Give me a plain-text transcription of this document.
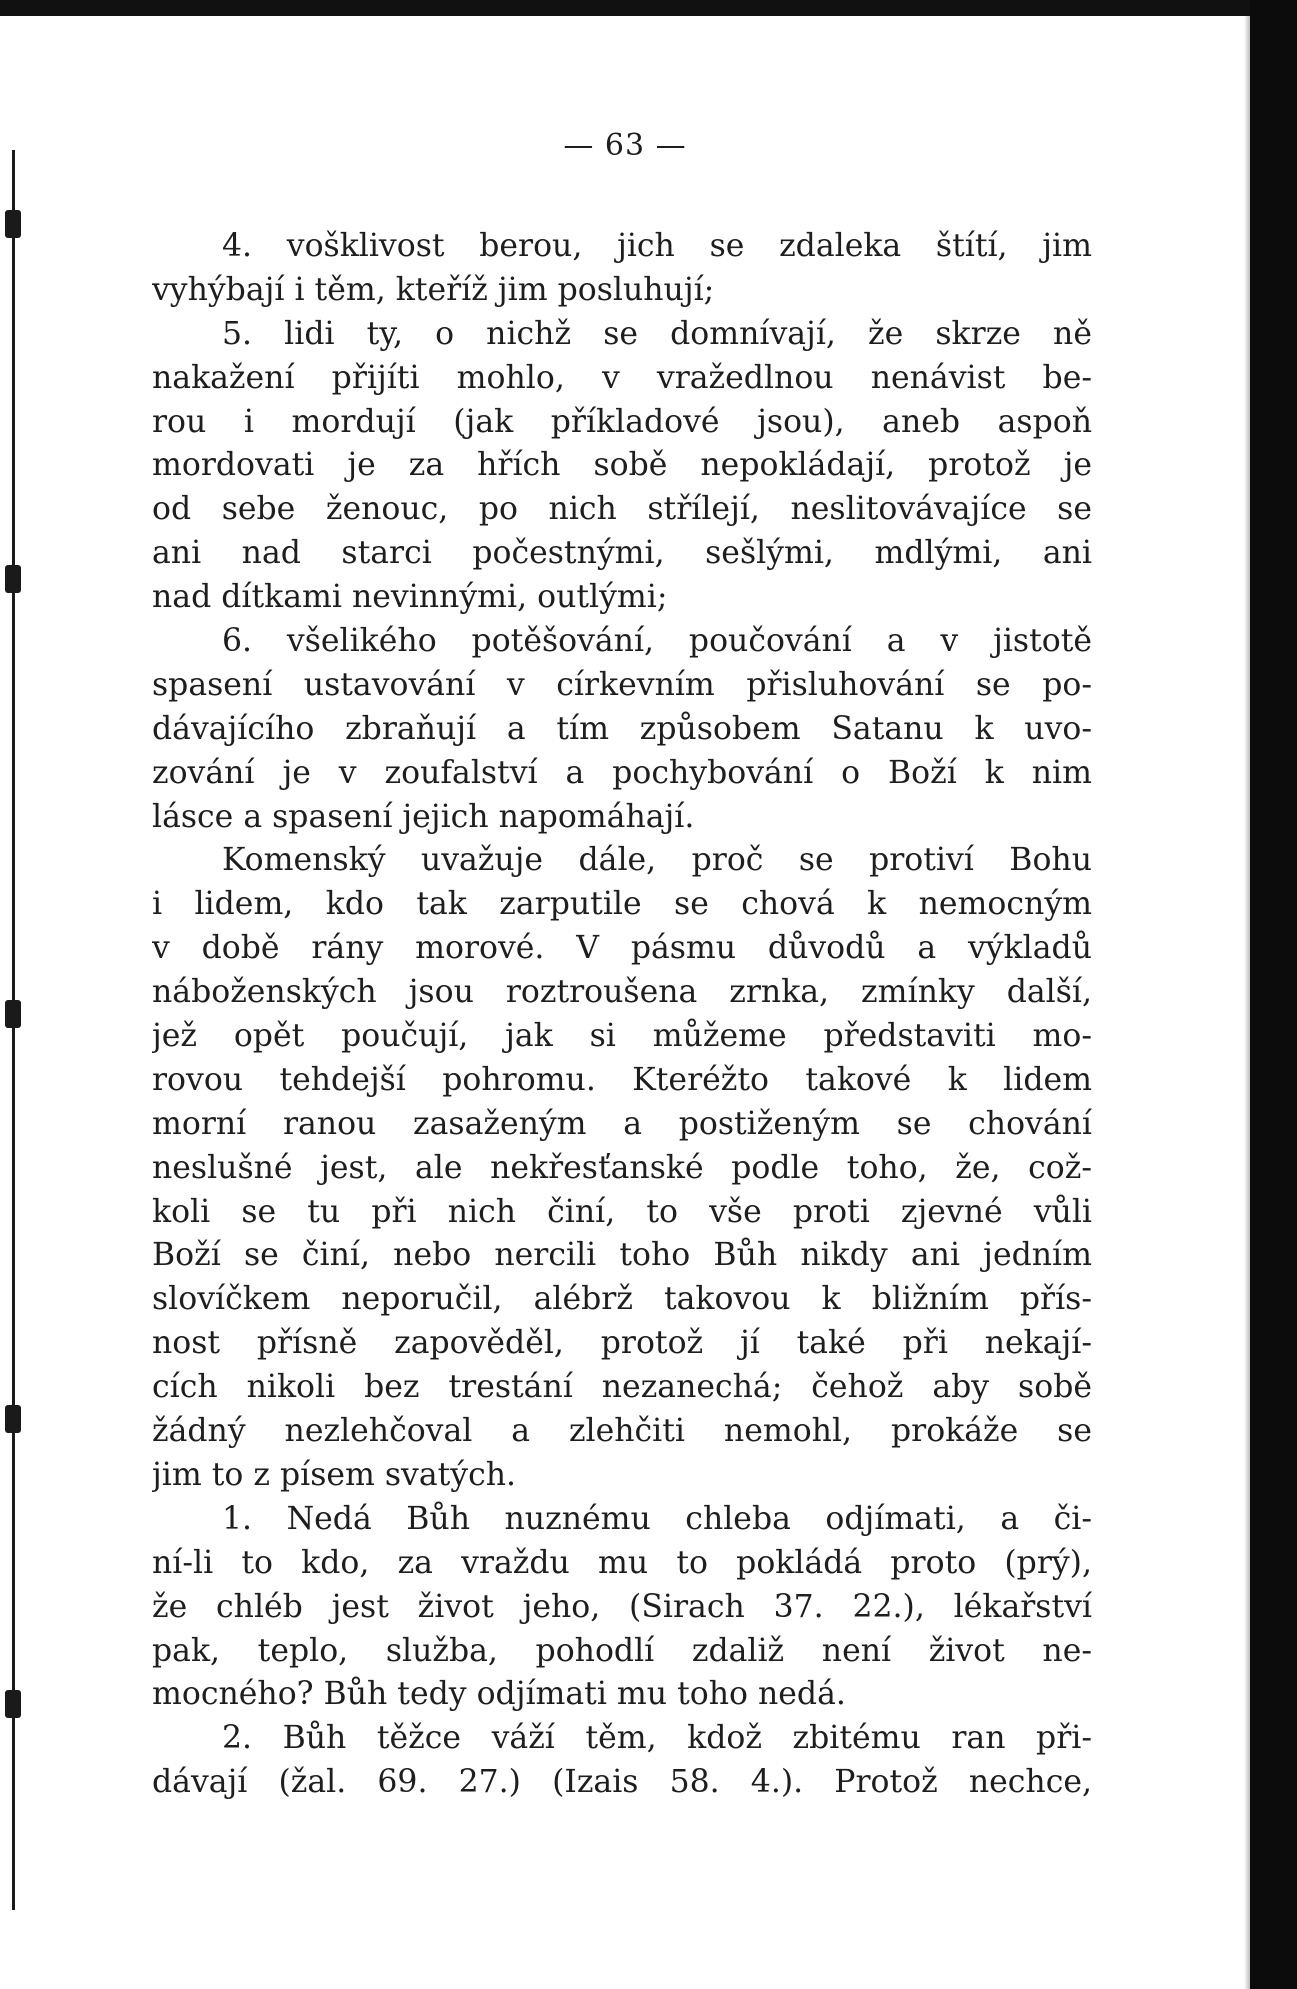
— 63 —
4. vošklivost berou, jich se zdaleka štítí, jim
vyhýbají i těm, kteříž jim posluhují;
5. lidi ty, o nichž se domnívají, že skrze ně
nakažení přijíti mohlo, v vražedlnou nenávist be-
rou i mordují (jak příkladové jsou), aneb aspoň
mordovati je za hřích sobě nepokládají, protož je
od sebe ženouc, po nich střílejí, neslitovávajíce se
ani nad starci počestnými, sešlými, mdlými, ani
nad dítkami nevinnými, outlými;
6. všelikého potěšování, poučování a v jistotě
spasení ustavování v církevním přisluhování se po-
dávajícího zbraňují a tím způsobem Satanu k uvo-
zování je v zoufalství a pochybování o Boží k nim
lásce a spasení jejich napomáhají.
Komenský uvažuje dále, proč se protiví Bohu
i lidem, kdo tak zarputile se chová k nemocným
v době rány morové. V pásmu důvodů a výkladů
náboženských jsou roztroušena zrnka, zmínky další,
jež opět poučují, jak si můžeme představiti mo-
rovou tehdejší pohromu. Kteréžto takové k lidem
morní ranou zasaženým a postiženým se chování
neslušné jest, ale nekřesťanské podle toho, že, což-
koli se tu při nich činí, to vše proti zjevné vůli
Boží se činí, nebo nercili toho Bůh nikdy ani jedním
slovíčkem neporučil, alébrž takovou k bližním přís-
nost přísně zapověděl, protož jí také při nekají-
cích nikoli bez trestání nezanechá; čehož aby sobě
žádný nezlehčoval a zlehčiti nemohl, prokáže se
jim to z písem svatých.
1. Nedá Bůh nuznému chleba odjímati, a či-
ní-li to kdo, za vraždu mu to pokládá proto (prý),
že chléb jest život jeho, (Sirach 37. 22.), lékařství
pak, teplo, služba, pohodlí zdaliž není život ne-
mocného? Bůh tedy odjímati mu toho nedá.
2. Bůh těžce váží těm, kdož zbitému ran při-
dávají (žal. 69. 27.) (Izais 58. 4.). Protož nechce,
